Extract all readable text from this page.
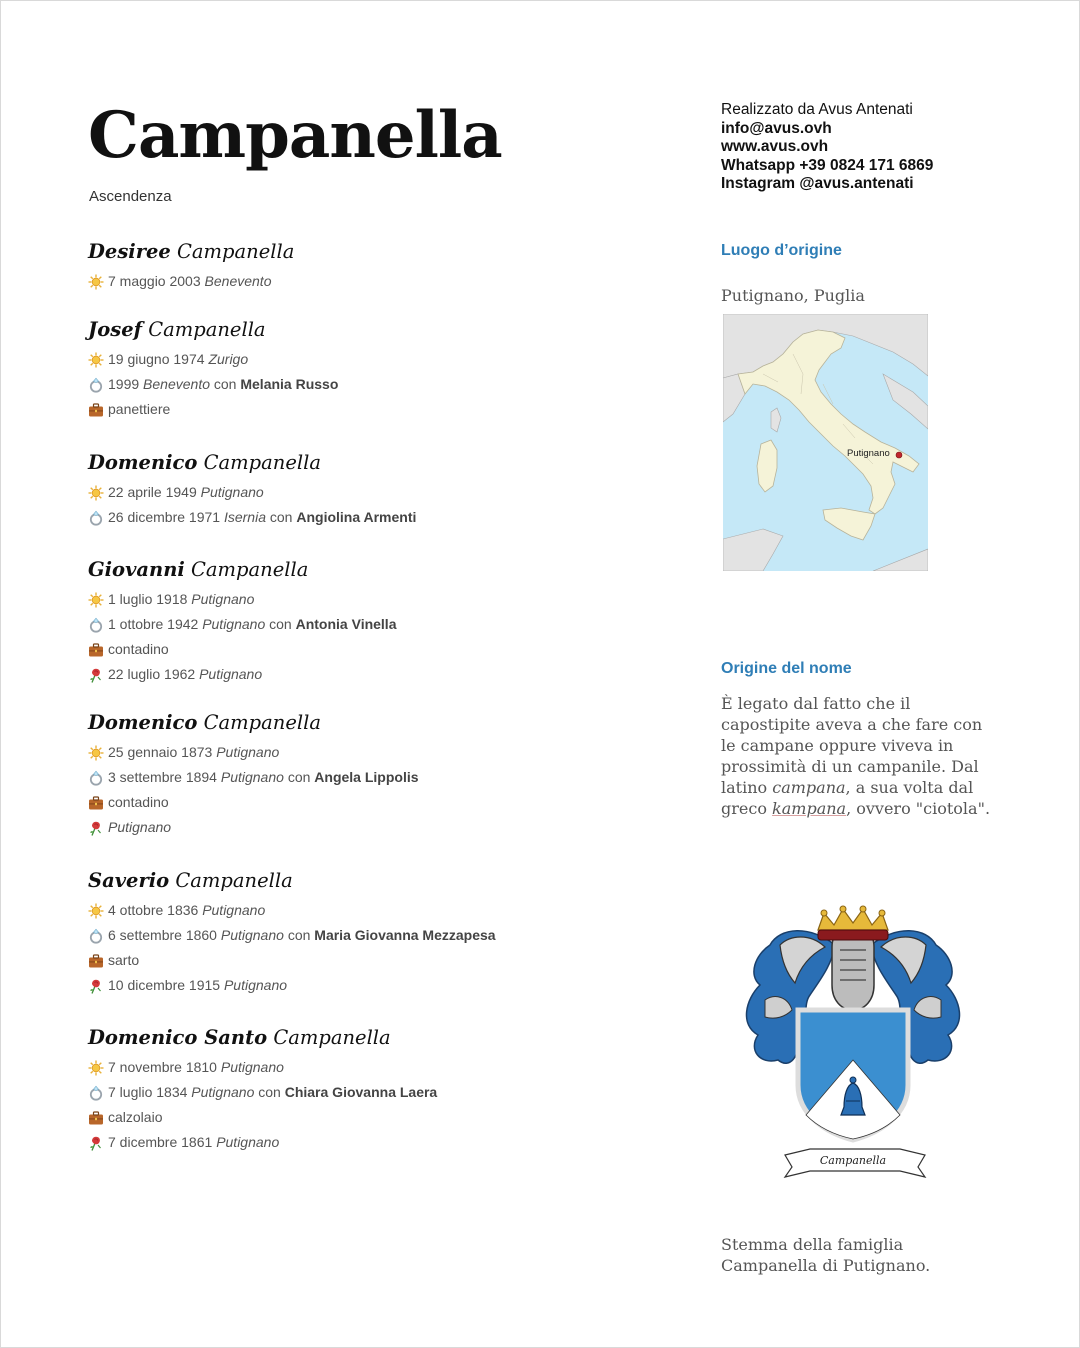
Campanella
Ascendenza
Realizzato da Avus Antenati
info@avus.ovh
www.avus.ovh
Whatsapp +39 0824 171 6869
Instagram @avus.antenati
Desiree Campanella
7 maggio 2003
Benevento
Josef Campanella
19 giugno 1974
Zurigo
1999
Benevento
con
Melania Russo
panettiere
Domenico Campanella
22 aprile 1949
Putignano
26 dicembre 1971
Isernia
con
Angiolina Armenti
Giovanni Campanella
1 luglio 1918
Putignano
1 ottobre 1942
Putignano
con
Antonia Vinella
contadino
22 luglio 1962
Putignano
Domenico Campanella
25 gennaio 1873
Putignano
3 settembre 1894
Putignano
con
Angela Lippolis
contadino
Putignano
Saverio Campanella
4 ottobre 1836
Putignano
6 settembre 1860
Putignano
con
Maria Giovanna Mezzapesa
sarto
10 dicembre 1915
Putignano
Domenico Santo Campanella
7 novembre 1810
Putignano
7 luglio 1834
Putignano
con
Chiara Giovanna Laera
calzolaio
7 dicembre 1861
Putignano
Luogo d’origine
Putignano, Puglia
Putignano
Origine del nome
È legato dal fatto che il capostipite aveva a che fare con le campane oppure viveva in prossimità di un campanile. Dal latino campana, a sua volta dal greco kampana, ovvero "ciotola".
Campanella
Stemma della famiglia Campanella di Putignano.
